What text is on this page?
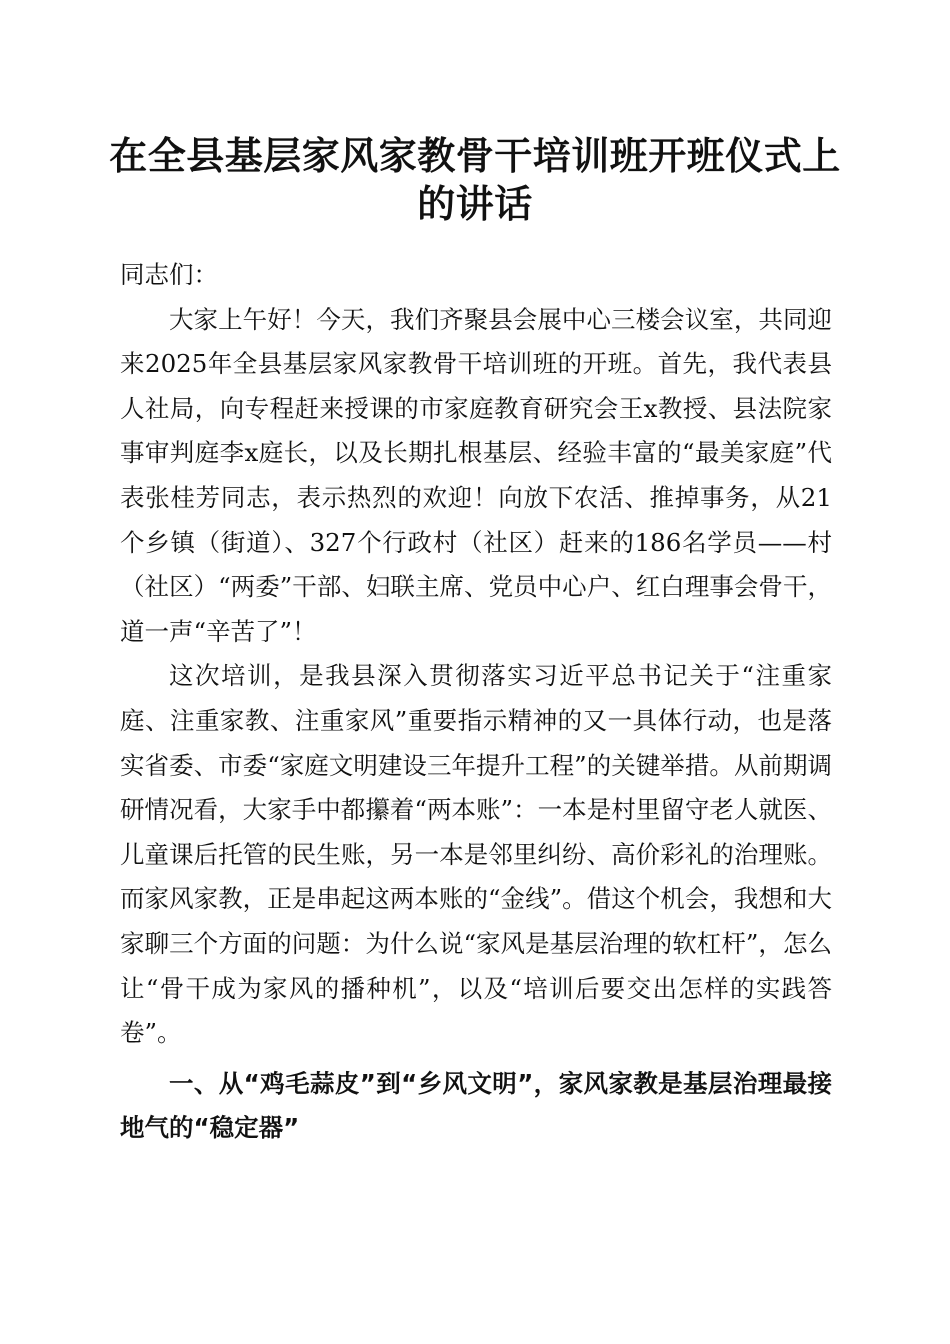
在全县基层家风家教骨干培训班开班仪式上的讲话

同志们：

大家上午好！今天，我们齐聚县会展中心三楼会议室，共同迎来2025年全县基层家风家教骨干培训班的开班。首先，我代表县人社局，向专程赶来授课的市家庭教育研究会王x教授、县法院家事审判庭李x庭长，以及长期扎根基层、经验丰富的“最美家庭”代表张桂芳同志，表示热烈的欢迎！向放下农活、推掉事务，从21个乡镇（街道）、327个行政村（社区）赶来的186名学员——村（社区）“两委”干部、妇联主席、党员中心户、红白理事会骨干，道一声“辛苦了”！

这次培训，是我县深入贯彻落实习近平总书记关于“注重家庭、注重家教、注重家风”重要指示精神的又一具体行动，也是落实省委、市委“家庭文明建设三年提升工程”的关键举措。从前期调研情况看，大家手中都攥着“两本账”：一本是村里留守老人就医、儿童课后托管的民生账，另一本是邻里纠纷、高价彩礼的治理账。而家风家教，正是串起这两本账的“金线”。借这个机会，我想和大家聊三个方面的问题：为什么说“家风是基层治理的软杠杆”，怎么让“骨干成为家风的播种机”，以及“培训后要交出怎样的实践答卷”。

一、从“鸡毛蒜皮”到“乡风文明”，家风家教是基层治理最接地气的“稳定器”
